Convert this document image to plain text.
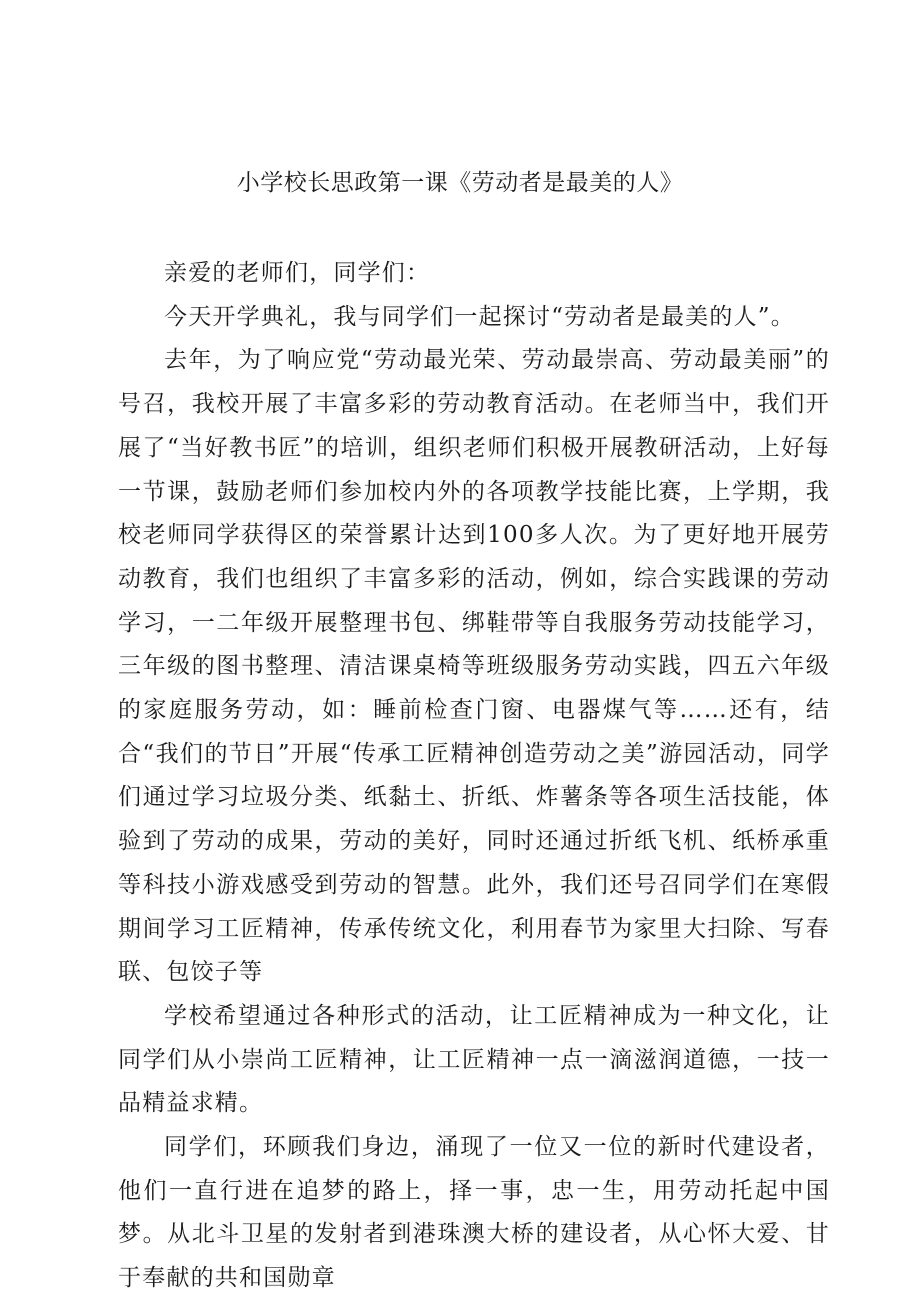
小学校长思政第一课《劳动者是最美的人》

亲爱的老师们，同学们：

今天开学典礼，我与同学们一起探讨“劳动者是最美的人”。

去年，为了响应党“劳动最光荣、劳动最崇高、劳动最美丽”的号召，我校开展了丰富多彩的劳动教育活动。在老师当中，我们开展了“当好教书匠”的培训，组织老师们积极开展教研活动，上好每一节课，鼓励老师们参加校内外的各项教学技能比赛，上学期，我校老师同学获得区的荣誉累计达到100多人次。为了更好地开展劳动教育，我们也组织了丰富多彩的活动，例如，综合实践课的劳动学习，一二年级开展整理书包、绑鞋带等自我服务劳动技能学习，三年级的图书整理、清洁课桌椅等班级服务劳动实践，四五六年级的家庭服务劳动，如：睡前检查门窗、电器煤气等……还有，结合“我们的节日”开展“传承工匠精神创造劳动之美”游园活动，同学们通过学习垃圾分类、纸黏土、折纸、炸薯条等各项生活技能，体验到了劳动的成果，劳动的美好，同时还通过折纸飞机、纸桥承重等科技小游戏感受到劳动的智慧。此外，我们还号召同学们在寒假期间学习工匠精神，传承传统文化，利用春节为家里大扫除、写春联、包饺子等

学校希望通过各种形式的活动，让工匠精神成为一种文化，让同学们从小崇尚工匠精神，让工匠精神一点一滴滋润道德，一技一品精益求精。

同学们，环顾我们身边，涌现了一位又一位的新时代建设者，他们一直行进在追梦的路上，择一事，忠一生，用劳动托起中国梦。从北斗卫星的发射者到港珠澳大桥的建设者，从心怀大爱、甘于奉献的共和国勋章
